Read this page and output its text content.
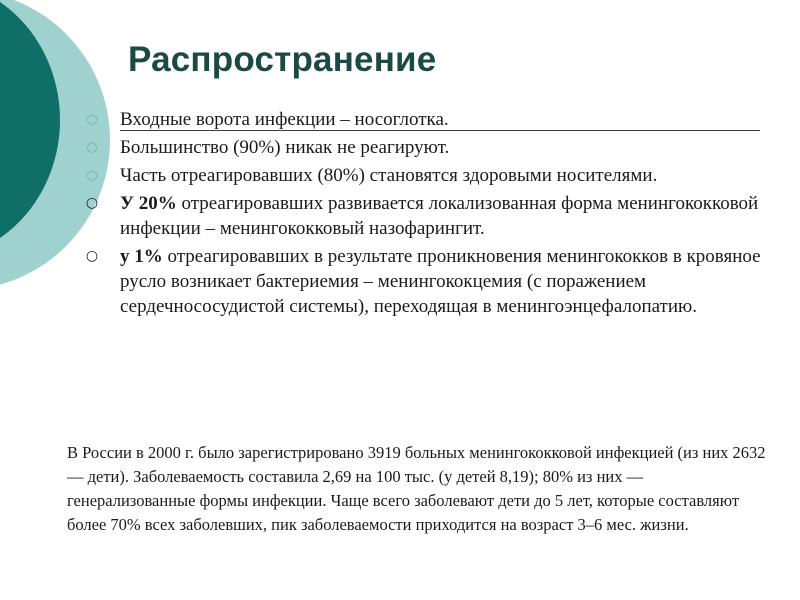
Распространение
○ Входные ворота инфекции – носоглотка.
○ Большинство (90%) никак не реагируют.
○ Часть отреагировавших (80%) становятся здоровыми носителями.
○ У 20% отреагировавших развивается локализованная форма менингококковой инфекции – менингококковый назофарингит.
○ у 1% отреагировавших в результате проникновения менингококков в кровяное русло возникает бактериемия – менингококцемия (с поражением сердечнососудистой системы), переходящая в менингоэнцефалопатию.

В России в 2000 г. было зарегистрировано 3919 больных менингококковой инфекцией (из них 2632 — дети). Заболеваемость составила 2,69 на 100 тыс. (у детей 8,19); 80% из них — генерализованные формы инфекции. Чаще всего заболевают дети до 5 лет, которые составляют более 70% всех заболевших, пик заболеваемости приходится на возраст 3–6 мес. жизни.
